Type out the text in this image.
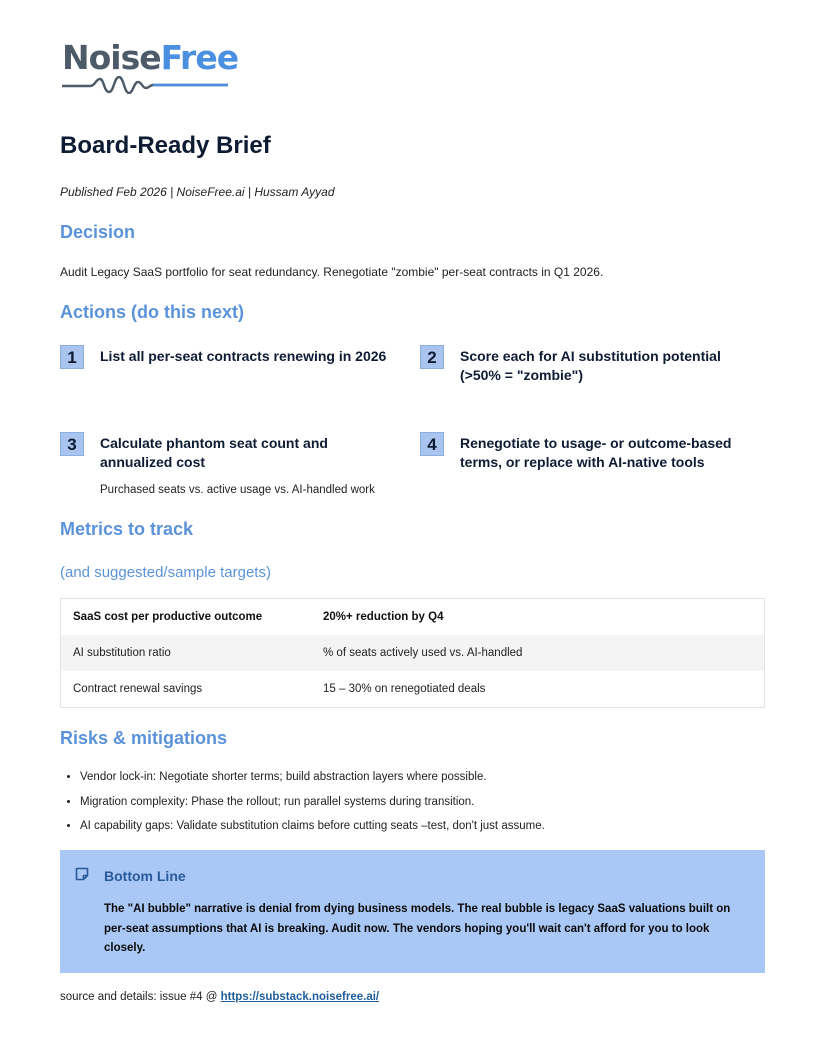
NoiseFree
Board-Ready Brief
Published Feb 2026 | NoiseFree.ai | Hussam Ayyad
Decision
Audit Legacy SaaS portfolio for seat redundancy. Renegotiate "zombie" per-seat contracts in Q1 2026.
Actions (do this next)
1	List all per-seat contracts renewing in 2026	2	Score each for AI substitution potential (>50% = "zombie")
3	Calculate phantom seat count and annualized cost
Purchased seats vs. active usage vs. AI-handled work
4	Renegotiate to usage- or outcome-based terms, or replace with AI-native tools
Metrics to track
(and suggested/sample targets)
SaaS cost per productive outcome	20%+ reduction by Q4
AI substitution ratio	% of seats actively used vs. AI-handled
Contract renewal savings	15 – 30% on renegotiated deals
Risks & mitigations
• Vendor lock-in: Negotiate shorter terms; build abstraction layers where possible.
• Migration complexity: Phase the rollout; run parallel systems during transition.
• AI capability gaps: Validate substitution claims before cutting seats –test, don't just assume.
Bottom Line
The "AI bubble" narrative is denial from dying business models. The real bubble is legacy SaaS valuations built on per-seat assumptions that AI is breaking. Audit now. The vendors hoping you'll wait can't afford for you to look closely.
source and details: issue #4 @ https://substack.noisefree.ai/
